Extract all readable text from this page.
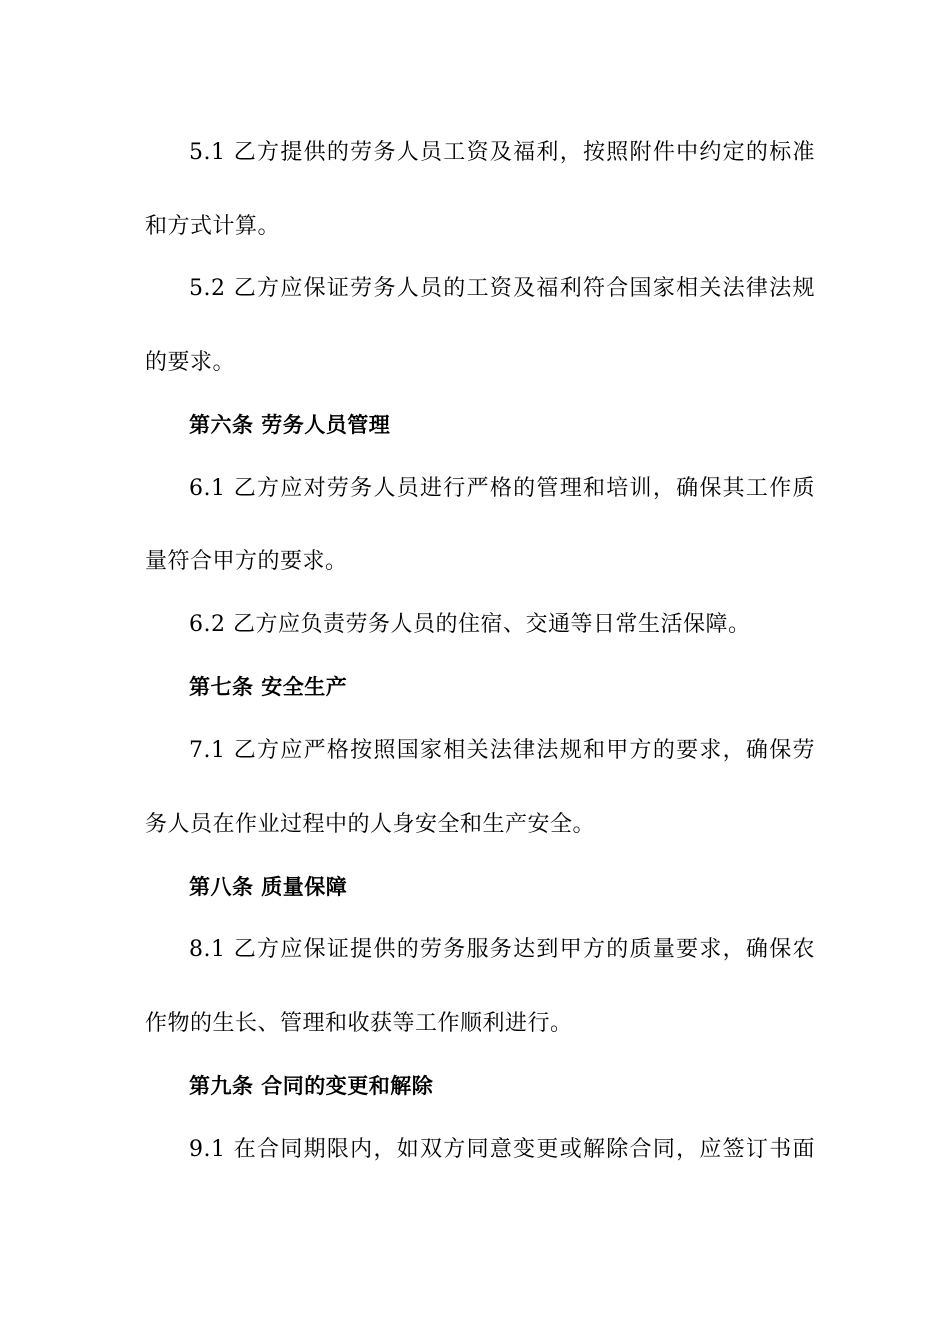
5.1 乙方提供的劳务人员工资及福利，按照附件中约定的标准
和方式计算。
5.2 乙方应保证劳务人员的工资及福利符合国家相关法律法规
的要求。
第六条 劳务人员管理
6.1 乙方应对劳务人员进行严格的管理和培训，确保其工作质
量符合甲方的要求。
6.2 乙方应负责劳务人员的住宿、交通等日常生活保障。
第七条 安全生产
7.1 乙方应严格按照国家相关法律法规和甲方的要求，确保劳
务人员在作业过程中的人身安全和生产安全。
第八条 质量保障
8.1 乙方应保证提供的劳务服务达到甲方的质量要求，确保农
作物的生长、管理和收获等工作顺利进行。
第九条 合同的变更和解除
9.1 在合同期限内，如双方同意变更或解除合同，应签订书面
